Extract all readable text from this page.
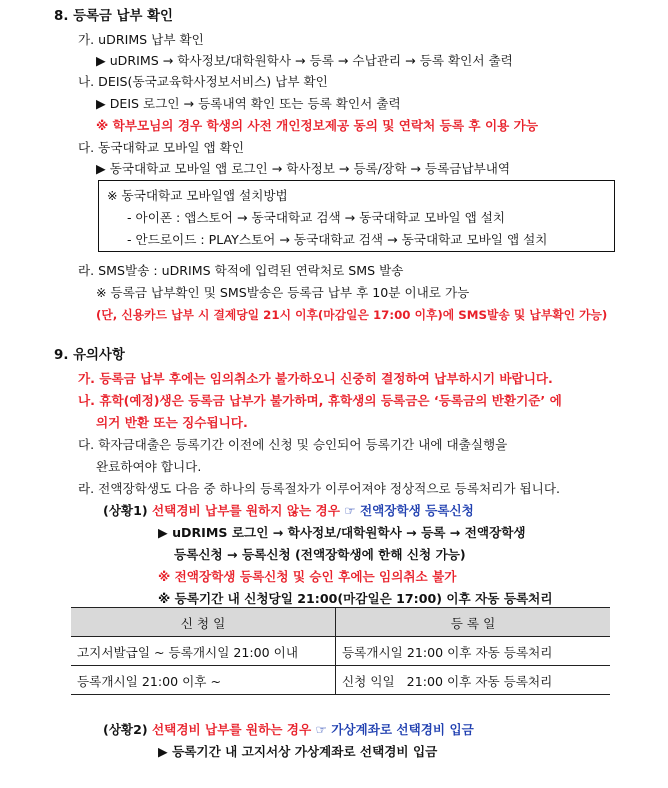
8. 등록금 납부 확인
가. uDRIMS 납부 확인
▶ uDRIMS → 학사정보/대학원학사 → 등록 → 수납관리 → 등록 확인서 출력
나. DEIS(동국교육학사정보서비스) 납부 확인
▶ DEIS 로그인 → 등록내역 확인 또는 등록 확인서 출력
※ 학부모님의 경우 학생의 사전 개인정보제공 동의 및 연락처 등록 후 이용 가능
다. 동국대학교 모바일 앱 확인
▶ 동국대학교 모바일 앱 로그인 → 학사정보 → 등록/장학 → 등록금납부내역
※ 동국대학교 모바일앱 설치방법
- 아이폰 : 앱스토어 → 동국대학교 검색 → 동국대학교 모바일 앱 설치
- 안드로이드 : PLAY스토어 → 동국대학교 검색 → 동국대학교 모바일 앱 설치
라. SMS발송 : uDRIMS 학적에 입력된 연락처로 SMS 발송
※ 등록금 납부확인 및 SMS발송은 등록금 납부 후 10분 이내로 가능
(단, 신용카드 납부 시 결제당일 21시 이후(마감일은 17:00 이후)에 SMS발송 및 납부확인 가능)
9. 유의사항
가. 등록금 납부 후에는 임의취소가 불가하오니 신중히 결정하여 납부하시기 바랍니다.
나. 휴학(예정)생은 등록금 납부가 불가하며, 휴학생의 등록금은 ‘등록금의 반환기준’ 에
의거 반환 또는 징수됩니다.
다. 학자금대출은 등록기간 이전에 신청 및 승인되어 등록기간 내에 대출실행을
완료하여야 합니다.
라. 전액장학생도 다음 중 하나의 등록절차가 이루어져야 정상적으로 등록처리가 됩니다.
(상황1) 선택경비 납부를 원하지 않는 경우 ☞ 전액장학생 등록신청
▶ uDRIMS 로그인 → 학사정보/대학원학사 → 등록 → 전액장학생
등록신청 → 등록신청 (전액장학생에 한해 신청 가능)
※ 전액장학생 등록신청 및 승인 후에는 임의취소 불가
※ 등록기간 내 신청당일 21:00(마감일은 17:00) 이후 자동 등록처리
신 청 일	등 록 일
고지서발급일 ~ 등록개시일 21:00 이내	등록개시일 21:00 이후 자동 등록처리
등록개시일 21:00 이후 ~	신청 익일   21:00 이후 자동 등록처리
(상황2) 선택경비 납부를 원하는 경우 ☞ 가상계좌로 선택경비 입금
▶ 등록기간 내 고지서상 가상계좌로 선택경비 입금
